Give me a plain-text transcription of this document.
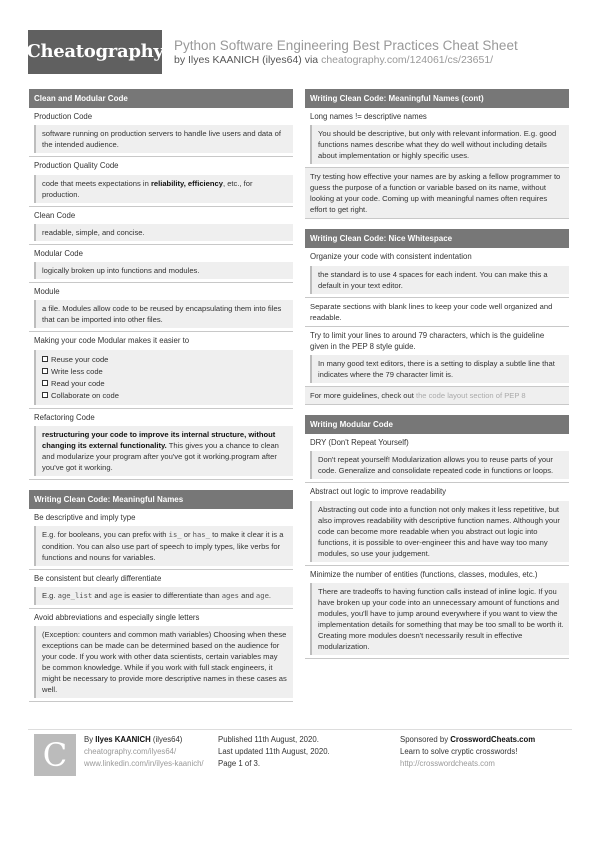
Cheatography Python Software Engineering Best Practices Cheat Sheet
by Ilyes KAANICH (ilyes64) via cheatography.com/124061/cs/23651/
Clean and Modular Code
Production Code
software running on production servers to handle live users and data of the intended audience.
Production Quality Code
code that meets expectations in reliability, efficiency, etc., for production.
Clean Code
readable, simple, and concise.
Modular Code
logically broken up into functions and modules.
Module
a file. Modules allow code to be reused by encapsulating them into files that can be imported into other files.
Making your code Modular makes it easier to
Reuse your code
Write less code
Read your code
Collaborate on code
Refactoring Code
restructuring your code to improve its internal structure, without changing its external functionality. This gives you a chance to clean and modularize your program after you've got it working.program after you've got it working.
Writing Clean Code: Meaningful Names
Be descriptive and imply type
E.g. for booleans, you can prefix with is_ or has_ to make it clear it is a condition. You can also use part of speech to imply types, like verbs for functions and nouns for variables.
Be consistent but clearly differentiate
E.g. age_list and age is easier to differentiate than ages and age.
Avoid abbreviations and especially single letters
(Exception: counters and common math variables) Choosing when these exceptions can be made can be determined based on the audience for your code. If you work with other data scientists, certain variables may be common knowledge. While if you work with full stack engineers, it might be necessary to provide more descriptive names in these cases as well.
Writing Clean Code: Meaningful Names (cont)
Long names != descriptive names
You should be descriptive, but only with relevant information. E.g. good functions names describe what they do well without including details about implementation or highly specific uses.
Try testing how effective your names are by asking a fellow programmer to guess the purpose of a function or variable based on its name, without looking at your code. Coming up with meaningful names often requires effort to get right.
Writing Clean Code: Nice Whitespace
Organize your code with consistent indentation
the standard is to use 4 spaces for each indent. You can make this a default in your text editor.
Separate sections with blank lines to keep your code well organized and readable.
Try to limit your lines to around 79 characters, which is the guideline given in the PEP 8 style guide.
In many good text editors, there is a setting to display a subtle line that indicates where the 79 character limit is.
For more guidelines, check out the code layout section of PEP 8
Writing Modular Code
DRY (Don't Repeat Yourself)
Don't repeat yourself! Modularization allows you to reuse parts of your code. Generalize and consolidate repeated code in functions or loops.
Abstract out logic to improve readability
Abstracting out code into a function not only makes it less repetitive, but also improves readability with descriptive function names. Although your code can become more readable when you abstract out logic into functions, it is possible to over-engineer this and have way too many modules, so use your judgement.
Minimize the number of entities (functions, classes, modules, etc.)
There are tradeoffs to having function calls instead of inline logic. If you have broken up your code into an unnecessary amount of functions and modules, you'll have to jump around everywhere if you want to view the implementation details for something that may be too small to be worth it. Creating more modules doesn't necessarily result in effective modularization.
C	By Ilyes KAANICH (ilyes64)
cheatography.com/ilyes64/
www.linkedin.com/in/ilyes-kaanich/
Published 11th August, 2020.
Last updated 11th August, 2020.
Page 1 of 3.
Sponsored by CrosswordCheats.com
Learn to solve cryptic crosswords!
http://crosswordcheats.com
